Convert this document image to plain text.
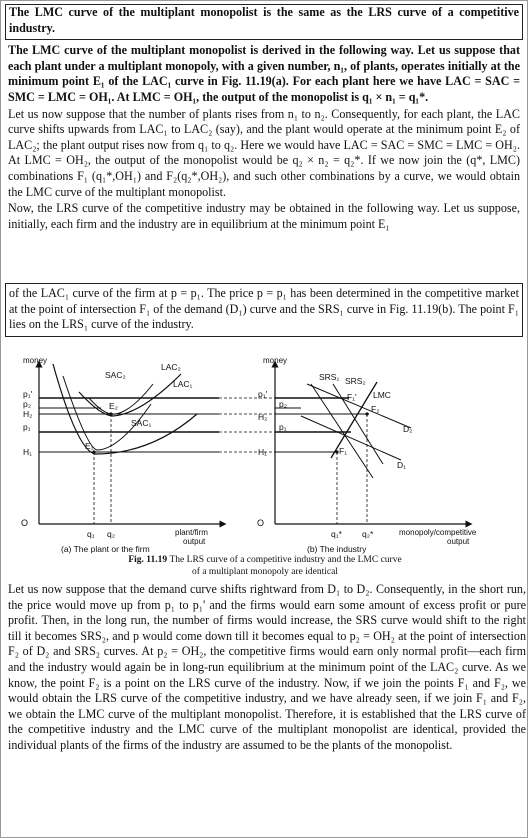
The LMC curve of the multiplant monopolist is the same as the LRS curve of a competitive industry.

The LMC curve of the multiplant monopolist is derived in the following way. Let us suppose that each plant under a multiplant monopoly, with a given number, n₁, of plants, operates initially at the minimum point E₁ of the LAC₁ curve in Fig. 11.19(a). For each plant here we have LAC = SAC = SMC = LMC = OH₁. At LMC = OH₁, the output of the monopolist is q₁ × n₁ = q₁*.

Let us now suppose that the number of plants rises from n₁ to n₂. Consequently, for each plant, the LAC curve shifts upwards from LAC₁ to LAC₂ (say), and the plant would operate at the minimum point E₂ of LAC₂; the plant output rises now from q₁ to q₂. Here we would have LAC = SAC = SMC = LMC = OH₂. At LMC = OH₂, the output of the monopolist would be q₂ × n₂ = q₂*. If we now join the (q*, LMC) combinations F₁ (q₁*,OH₁) and F₂(q₂*,OH₂), and such other combinations by a curve, we would obtain the LMC curve of the multiplant monopolist.

Now, the LRS curve of the competitive industry may be obtained in the following way. Let us suppose, initially, each firm and the industry are in equilibrium at the minimum point E₁

of the LAC₁ curve of the firm at p = p₁. The price p = p₁ has been determined in the competitive market at the point of intersection F₁ of the demand (D₁) curve and the SRS₁ curve in Fig. 11.19(b). The point F₁ lies on the LRS₁ curve of the industry.

money
O
p₁'
p₂
H₂
p₁
H₁
SAC₂
LAC₂
LAC₁
SAC₁
E₂
E₁
q₁ q₂	plant/firm
output
(a) The plant or the firm
money
O
p₁'
p₂
H₂
p₁
H₁
SRS₁ SRS₂
LMC
F₁'
F₂
F₁
D₂
D₁
q₁* q₂*	monopoly/competitive
output
(b) The industry
Fig. 11.19 The LRS curve of a competitive industry and the LMC curve
of a multiplant monopoly are identical

Let us now suppose that the demand curve shifts rightward from D₁ to D₂. Consequently, in the short run, the price would move up from p₁ to p₁' and the firms would earn some amount of excess profit or pure profit. Then, in the long run, the number of firms would increase, the SRS curve would shift to the right till it becomes SRS₂, and p would come down till it becomes equal to p₂ = OH₂ at the point of intersection F₂ of D₂ and SRS₂ curves. At p₂ = OH₂, the competitive firms would earn only normal profit—each firm and the industry would again be in long-run equilibrium at the minimum point of the LAC₂ curve. As we know, the point F₂ is a point on the LRS curve of the industry. Now, if we join the points F₁ and F₂, we would obtain the LRS curve of the competitive industry, and we have already seen, if we join F₁ and F₂, we obtain the LMC curve of the multiplant monopolist. Therefore, it is established that the LRS curve of the competitive industry and the LMC curve of the multiplant monopolist are identical, provided the individual plants of the firms of the industry are assumed to be the plants of the monopolist.
